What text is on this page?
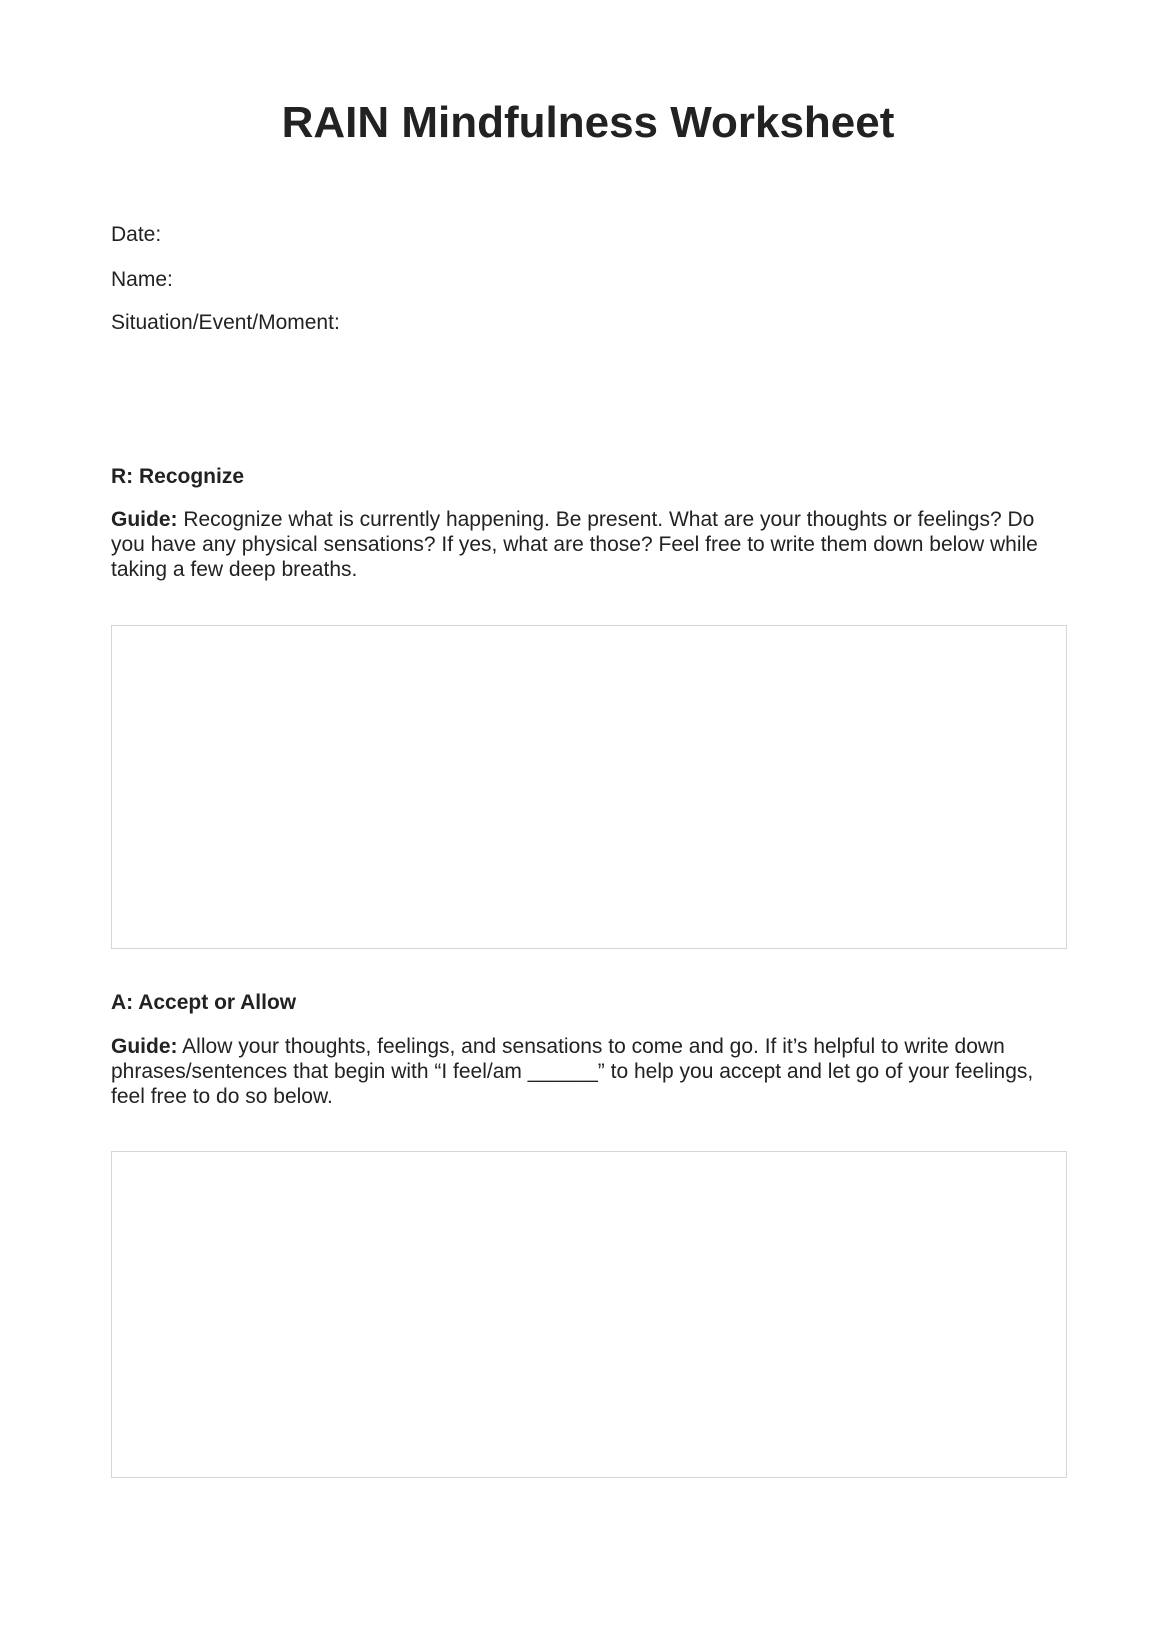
RAIN Mindfulness Worksheet
Date:
Name:
Situation/Event/Moment:
R: Recognize
Guide: Recognize what is currently happening. Be present. What are your thoughts or feelings? Do you have any physical sensations? If yes, what are those? Feel free to write them down below while taking a few deep breaths.
A: Accept or Allow
Guide: Allow your thoughts, feelings, and sensations to come and go. If it’s helpful to write down phrases/sentences that begin with “I feel/am ______” to help you accept and let go of your feelings, feel free to do so below.
